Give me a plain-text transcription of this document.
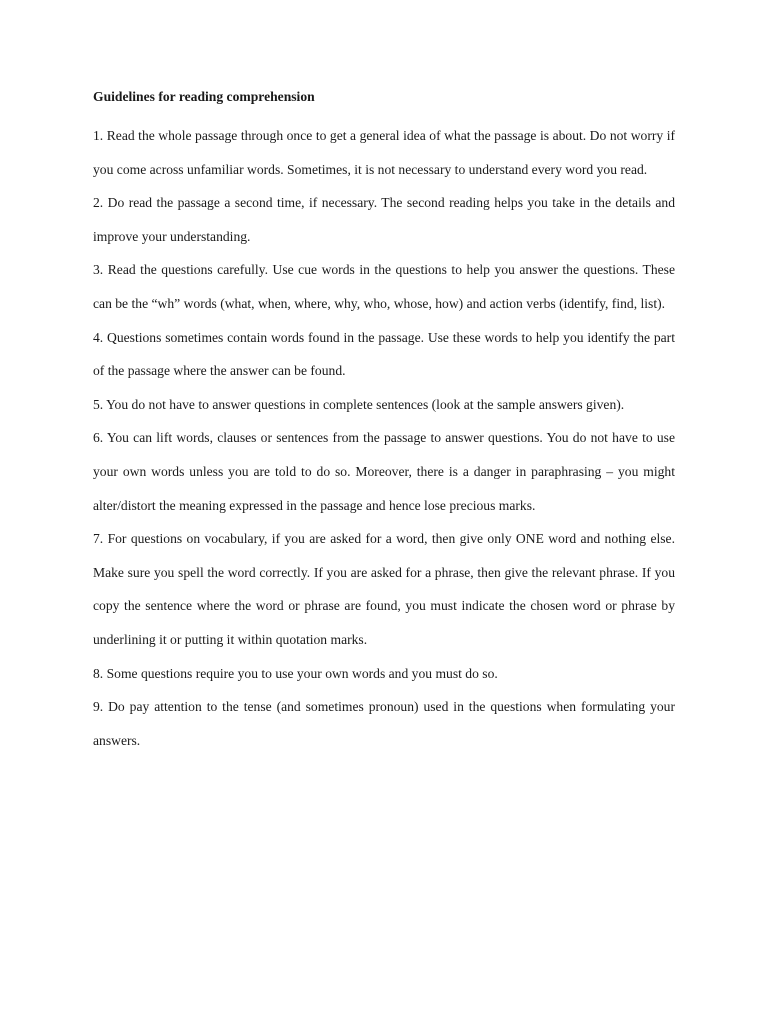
Guidelines for reading comprehension

1. Read the whole passage through once to get a general idea of what the passage is about. Do not worry if you come across unfamiliar words. Sometimes, it is not necessary to understand every word you read.

2. Do read the passage a second time, if necessary. The second reading helps you take in the details and improve your understanding.

3. Read the questions carefully. Use cue words in the questions to help you answer the questions. These can be the “wh” words (what, when, where, why, who, whose, how) and action verbs (identify, find, list).

4. Questions sometimes contain words found in the passage. Use these words to help you identify the part of the passage where the answer can be found.

5. You do not have to answer questions in complete sentences (look at the sample answers given).

6. You can lift words, clauses or sentences from the passage to answer questions. You do not have to use your own words unless you are told to do so. Moreover, there is a danger in paraphrasing – you might alter/distort the meaning expressed in the passage and hence lose precious marks.

7. For questions on vocabulary, if you are asked for a word, then give only ONE word and nothing else. Make sure you spell the word correctly. If you are asked for a phrase, then give the relevant phrase. If you copy the sentence where the word or phrase are found, you must indicate the chosen word or phrase by underlining it or putting it within quotation marks.

8. Some questions require you to use your own words and you must do so.

9. Do pay attention to the tense (and sometimes pronoun) used in the questions when formulating your answers.
